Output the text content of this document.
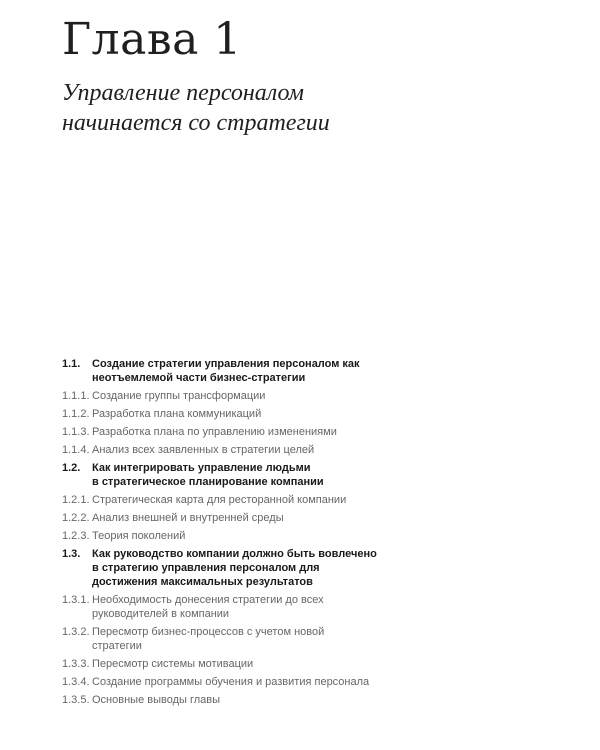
Глава 1
Управление персоналом
начинается со стратегии
1.1.	Создание стратегии управления персоналом как
неотъемлемой части бизнес-стратегии
1.1.1. Создание группы трансформации
1.1.2. Разработка плана коммуникаций
1.1.3. Разработка плана по управлению изменениями
1.1.4. Анализ всех заявленных в стратегии целей
1.2.	Как интегрировать управление людьми
в стратегическое планирование компании
1.2.1. Стратегическая карта для ресторанной компании
1.2.2. Анализ внешней и внутренней среды
1.2.3. Теория поколений
1.3.	Как руководство компании должно быть вовлечено
в стратегию управления персоналом для
достижения максимальных результатов
1.3.1. Необходимость донесения стратегии до всех
руководителей в компании
1.3.2. Пересмотр бизнес-процессов с учетом новой
стратегии
1.3.3. Пересмотр системы мотивации
1.3.4. Создание программы обучения и развития персонала
1.3.5. Основные выводы главы
